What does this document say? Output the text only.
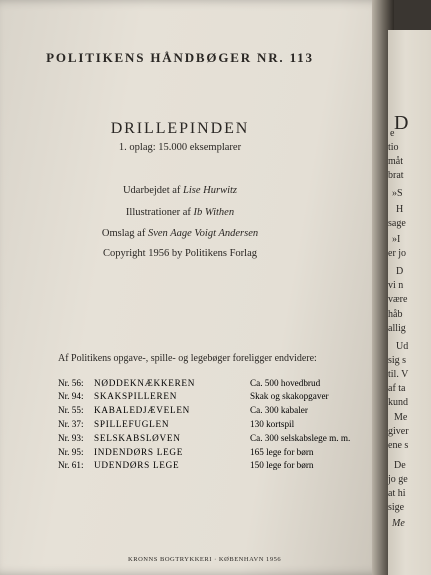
POLITIKENS HÅNDBØGER NR. 113
DRILLEPINDEN
1. oplag: 15.000 eksemplarer
Udarbejdet af Lise Hurwitz
Illustrationer af Ib Withen
Omslag af Sven Aage Voigt Andersen
Copyright 1956 by Politikens Forlag
Af Politikens opgave-, spille- og legebøger foreligger endvidere:
Nr. 56: NØDDEKNÆKKEREN	Ca. 500 hovedbrud
Nr. 94: SKAKSPILLEREN	Skak og skakopgaver
Nr. 55: KABALEDJÆVELEN	Ca. 300 kabaler
Nr. 37: SPILLEFUGLEN	130 kortspil
Nr. 93: SELSKABSLØVEN	Ca. 300 selskabslege m. m.
Nr. 95: INDENDØRS LEGE	165 lege for børn
Nr. 61: UDENDØRS LEGE	150 lege for børn
KRONNS BOGTRYKKERI · KØBENHAVN 1956
D
e
tio
måt
brat
»S
H
sage
»I
er jo
D
vi n
være
håb
allig
Ud
sig s
til. V
af ta
kund
Me
giver
ene s
De
jo ge
at hi
sige
Me
